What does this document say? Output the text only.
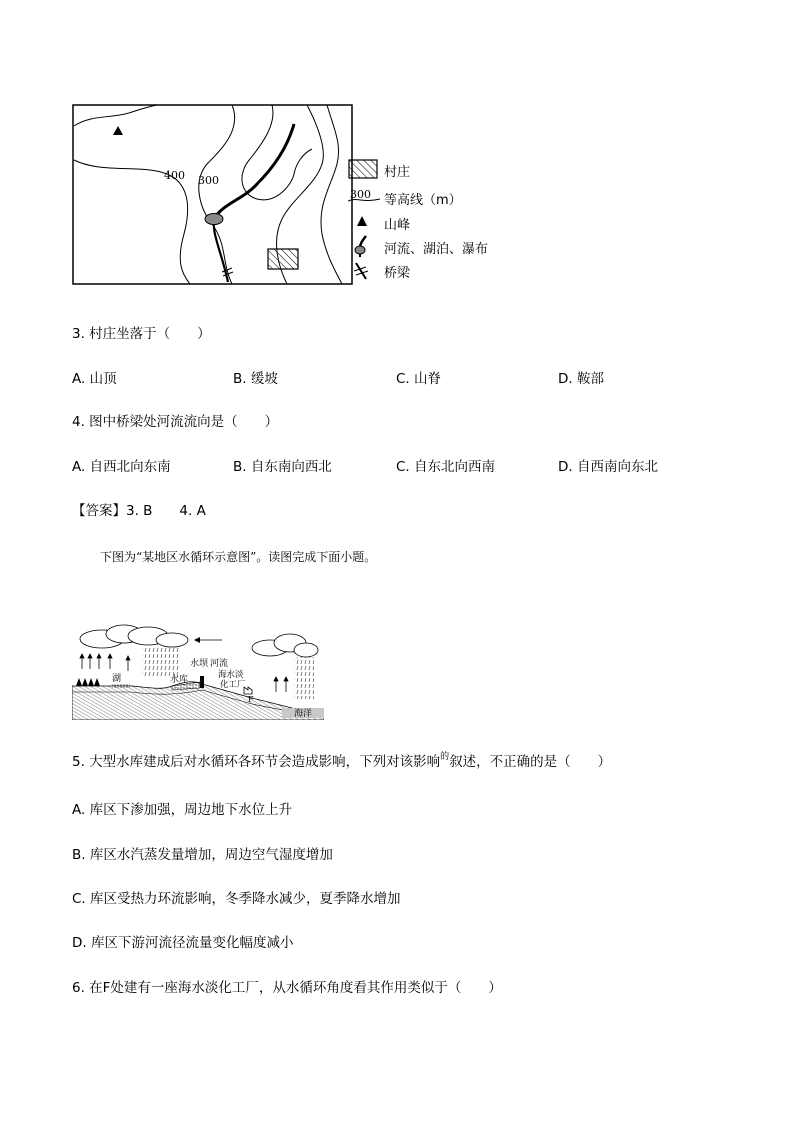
400 300
村庄
300 等高线（m）
山峰
河流、湖泊、瀑布
桥梁
3. 村庄坐落于（　　）
A. 山顶	B. 缓坡	C. 山脊	D. 鞍部
4. 图中桥梁处河流流向是（　　）
A. 自西北向东南	B. 自东南向西北	C. 自东北向西南	D. 自西南向东北
【答案】3. B　　4. A
下图为“某地区水循环示意图”。读图完成下面小题。
湖
水坝
水库
河流
海水淡
化工厂
海洋
F
5. 大型水库建成后对水循环各环节会造成影响，下列对该影响$^的$叙述，不正确的是（　　）
A. 库区下渗加强，周边地下水位上升
B. 库区水汽蒸发量增加，周边空气湿度增加
C. 库区受热力环流影响，冬季降水减少，夏季降水增加
D. 库区下游河流径流量变化幅度减小
6. 在F处建有一座海水淡化工厂，从水循环角度看其作用类似于（　　）
